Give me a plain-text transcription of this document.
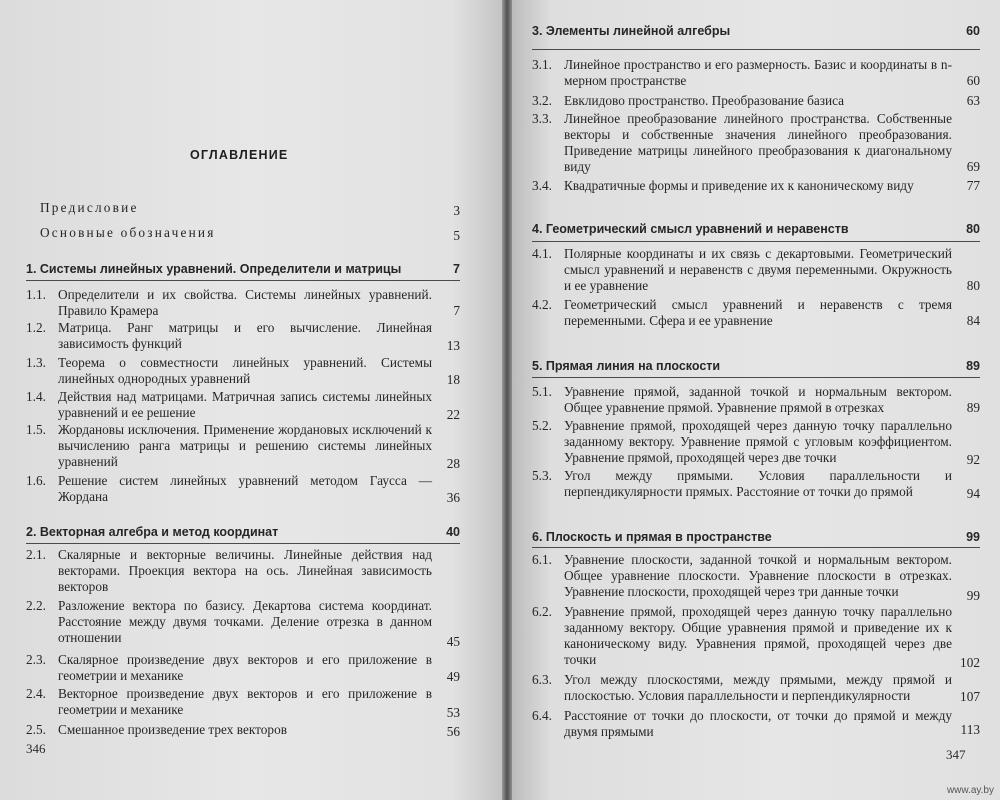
ОГЛАВЛЕНИЕ
Предисловие	3
Основные обозначения	5
1. Системы линейных уравнений. Определители и матрицы	7
1.1. Определители и их свойства. Системы линейных уравнений. Правило Крамера	7
1.2. Матрица. Ранг матрицы и его вычисление. Линейная зависимость функций	13
1.3. Теорема о совместности линейных уравнений. Системы линейных однородных уравнений	18
1.4. Действия над матрицами. Матричная запись системы линейных уравнений и ее решение	22
1.5. Жордановы исключения. Применение жордановых исключений к вычислению ранга матрицы и решению системы линейных уравнений	28
1.6. Решение систем линейных уравнений методом Гаусса — Жордана	36
2. Векторная алгебра и метод координат	40
2.1. Скалярные и векторные величины. Линейные действия над векторами. Проекция вектора на ось. Линейная зависимость векторов
2.2. Разложение вектора по базису. Декартова система координат. Расстояние между двумя точками. Деление отрезка в данном отношении	45
2.3. Скалярное произведение двух векторов и его приложение в геометрии и механике	49
2.4. Векторное произведение двух векторов и его приложение в геометрии и механике	53
2.5. Смешанное произведение трех векторов	56
346
3. Элементы линейной алгебры	60
3.1. Линейное пространство и его размерность. Базис и координаты в n-мерном пространстве	60
3.2. Евклидово пространство. Преобразование базиса	63
3.3. Линейное преобразование линейного пространства. Собственные векторы и собственные значения линейного преобразования. Приведение матрицы линейного преобразования к диагональному виду	69
3.4. Квадратичные формы и приведение их к каноническому виду	77
4. Геометрический смысл уравнений и неравенств	80
4.1. Полярные координаты и их связь с декартовыми. Геометрический смысл уравнений и неравенств с двумя переменными. Окружность и ее уравнение	80
4.2. Геометрический смысл уравнений и неравенств с тремя переменными. Сфера и ее уравнение	84
5. Прямая линия на плоскости	89
5.1. Уравнение прямой, заданной точкой и нормальным вектором. Общее уравнение прямой. Уравнение прямой в отрезках	89
5.2. Уравнение прямой, проходящей через данную точку параллельно заданному вектору. Уравнение прямой с угловым коэффициентом. Уравнение прямой, проходящей через две точки	92
5.3. Угол между прямыми. Условия параллельности и перпендикулярности прямых. Расстояние от точки до прямой	94
6. Плоскость и прямая в пространстве	99
6.1. Уравнение плоскости, заданной точкой и нормальным вектором. Общее уравнение плоскости. Уравнение плоскости в отрезках. Уравнение плоскости, проходящей через три данные точки	99
6.2. Уравнение прямой, проходящей через данную точку параллельно заданному вектору. Общие уравнения прямой и приведение их к каноническому виду. Уравнения прямой, проходящей через две точки	102
6.3. Угол между плоскостями, между прямыми, между прямой и плоскостью. Условия параллельности и перпендикулярности	107
6.4. Расстояние от точки до плоскости, от точки до прямой и между двумя прямыми	113
347
www.ay.by
